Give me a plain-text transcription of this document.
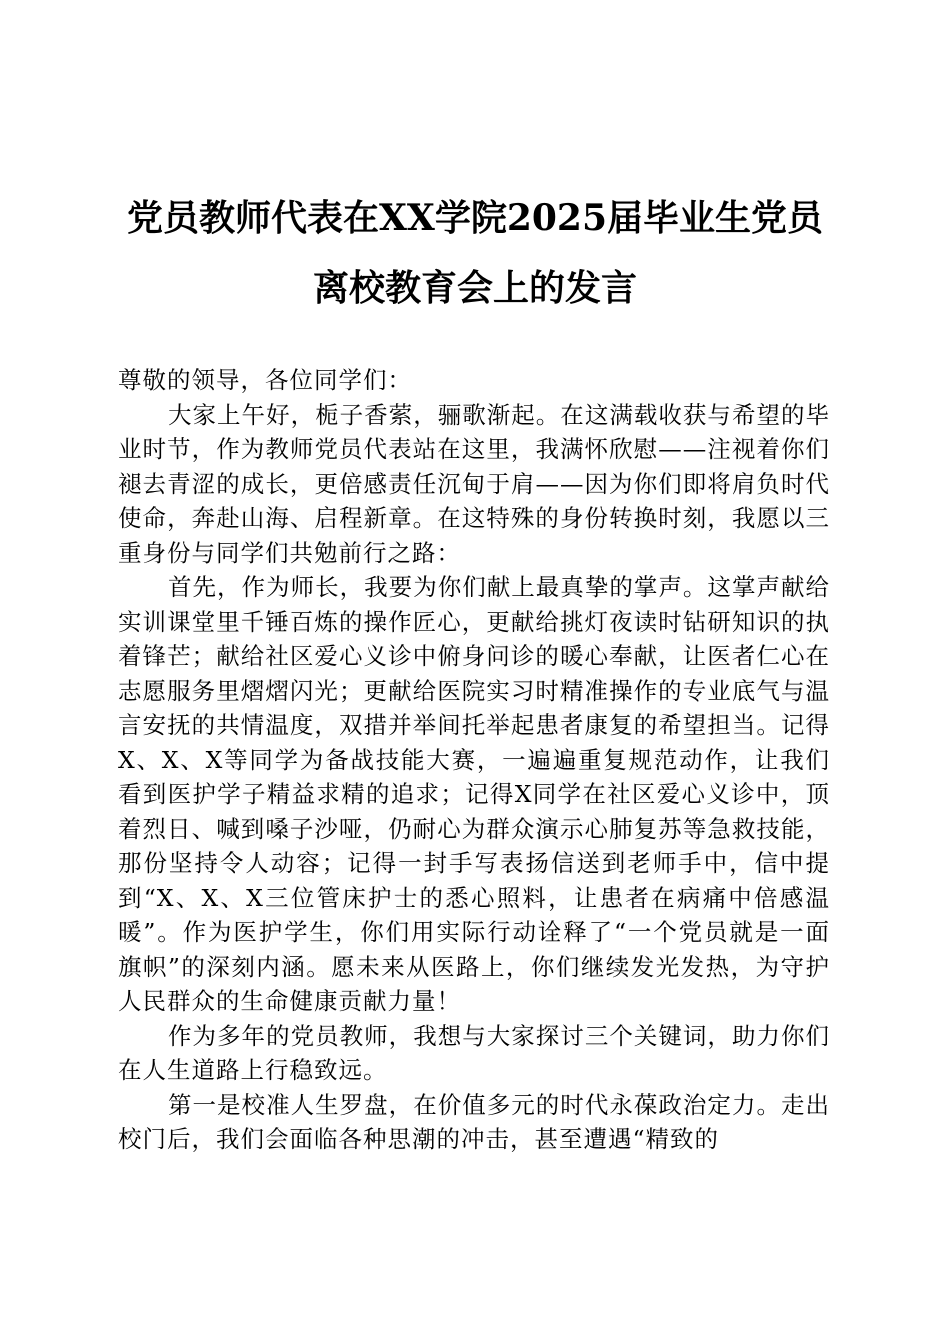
党员教师代表在XX学院2025届毕业生党员
离校教育会上的发言

尊敬的领导，各位同学们：

大家上午好，栀子香萦，骊歌渐起。在这满载收获与希望的毕业时节，作为教师党员代表站在这里，我满怀欣慰——注视着你们褪去青涩的成长，更倍感责任沉甸于肩——因为你们即将肩负时代使命，奔赴山海、启程新章。在这特殊的身份转换时刻，我愿以三重身份与同学们共勉前行之路：

首先，作为师长，我要为你们献上最真挚的掌声。这掌声献给实训课堂里千锤百炼的操作匠心，更献给挑灯夜读时钻研知识的执着锋芒；献给社区爱心义诊中俯身问诊的暖心奉献，让医者仁心在志愿服务里熠熠闪光；更献给医院实习时精准操作的专业底气与温言安抚的共情温度，双措并举间托举起患者康复的希望担当。记得X、X、X等同学为备战技能大赛，一遍遍重复规范动作，让我们看到医护学子精益求精的追求；记得X同学在社区爱心义诊中，顶着烈日、喊到嗓子沙哑，仍耐心为群众演示心肺复苏等急救技能，那份坚持令人动容；记得一封手写表扬信送到老师手中，信中提到“X、X、X三位管床护士的悉心照料，让患者在病痛中倍感温暖”。作为医护学生，你们用实际行动诠释了“一个党员就是一面旗帜”的深刻内涵。愿未来从医路上，你们继续发光发热，为守护人民群众的生命健康贡献力量！

作为多年的党员教师，我想与大家探讨三个关键词，助力你们在人生道路上行稳致远。

第一是校准人生罗盘，在价值多元的时代永葆政治定力。走出校门后，我们会面临各种思潮的冲击，甚至遭遇“精致的
